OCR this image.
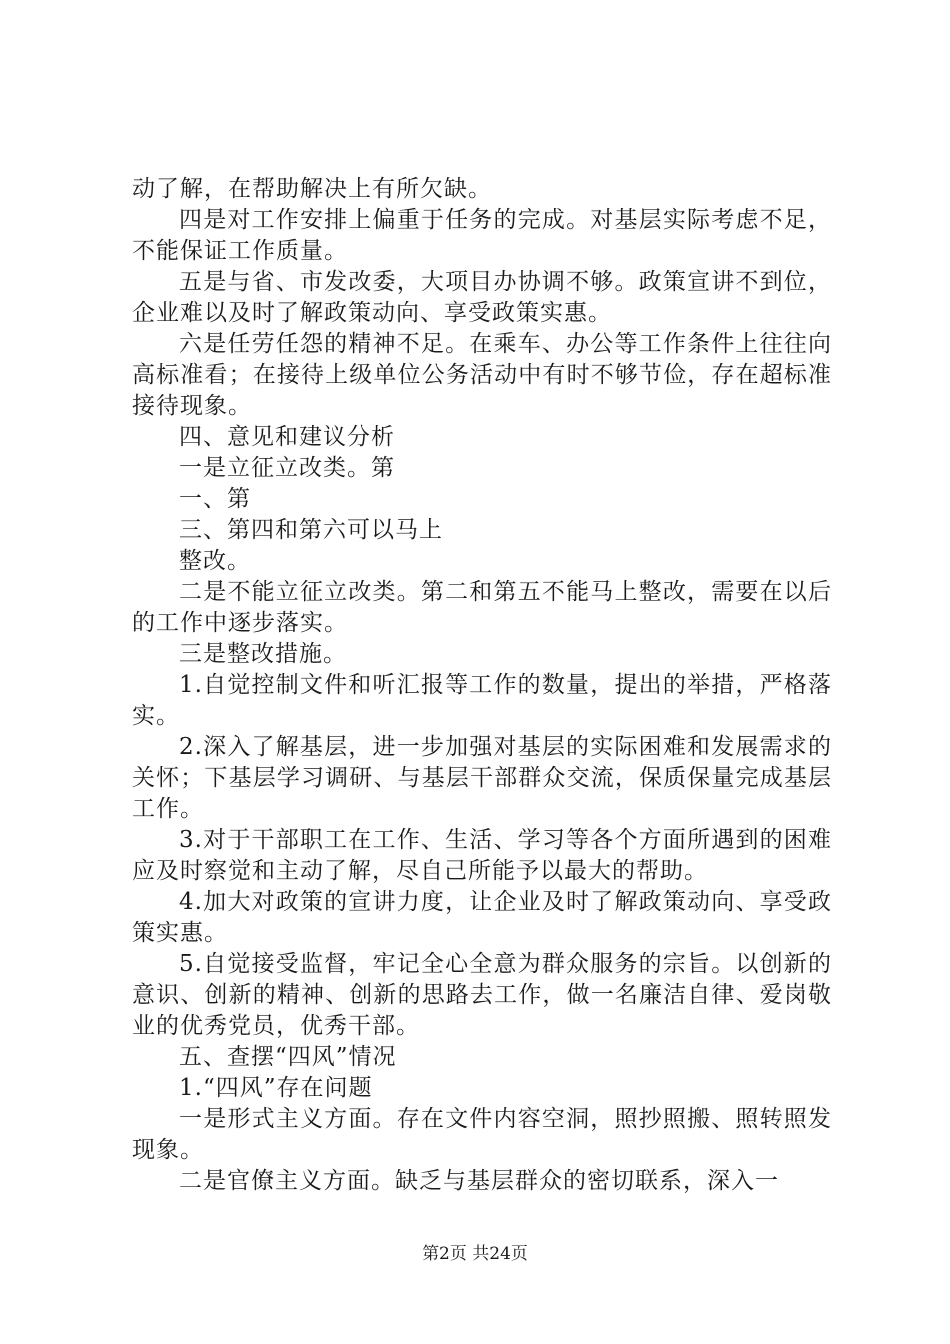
动了解，在帮助解决上有所欠缺。

四是对工作安排上偏重于任务的完成。对基层实际考虑不足，不能保证工作质量。

五是与省、市发改委，大项目办协调不够。政策宣讲不到位，企业难以及时了解政策动向、享受政策实惠。

六是任劳任怨的精神不足。在乘车、办公等工作条件上往往向高标准看；在接待上级单位公务活动中有时不够节俭，存在超标准接待现象。

四、意见和建议分析

一是立征立改类。第

一、第

三、第四和第六可以马上

整改。

二是不能立征立改类。第二和第五不能马上整改，需要在以后的工作中逐步落实。

三是整改措施。

1.自觉控制文件和听汇报等工作的数量，提出的举措，严格落实。

2.深入了解基层，进一步加强对基层的实际困难和发展需求的关怀；下基层学习调研、与基层干部群众交流，保质保量完成基层工作。

3.对于干部职工在工作、生活、学习等各个方面所遇到的困难应及时察觉和主动了解，尽自己所能予以最大的帮助。

4.加大对政策的宣讲力度，让企业及时了解政策动向、享受政策实惠。

5.自觉接受监督，牢记全心全意为群众服务的宗旨。以创新的意识、创新的精神、创新的思路去工作，做一名廉洁自律、爱岗敬业的优秀党员，优秀干部。

五、查摆“四风”情况

1.“四风”存在问题

一是形式主义方面。存在文件内容空洞，照抄照搬、照转照发现象。

二是官僚主义方面。缺乏与基层群众的密切联系，深入一

第2页 共24页
